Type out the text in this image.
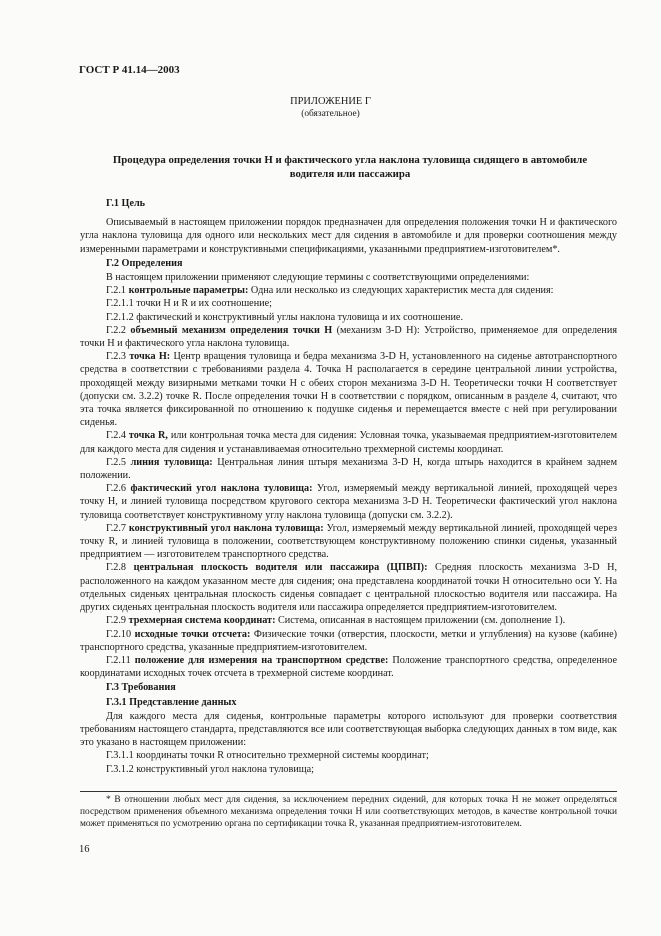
ГОСТ Р 41.14—2003
ПРИЛОЖЕНИЕ Г
(обязательное)
Процедура определения точки H и фактического угла наклона туловища сидящего в автомобиле водителя или пассажира

Г.1 Цель

Описываемый в настоящем приложении порядок предназначен для определения положения точки H и фактического угла наклона туловища для одного или нескольких мест для сидения в автомобиле и для проверки соотношения между измеренными параметрами и конструктивными спецификациями, указанными предприятием-изготовителем*.

Г.2 Определения

В настоящем приложении применяют следующие термины с соответствующими определениями:

Г.2.1 контрольные параметры: Одна или несколько из следующих характеристик места для сидения:

Г.2.1.1 точки H и R и их соотношение;

Г.2.1.2 фактический и конструктивный углы наклона туловища и их соотношение.

Г.2.2 объемный механизм определения точки H (механизм 3-D H): Устройство, применяемое для определения точки H и фактического угла наклона туловища.

Г.2.3 точка H: Центр вращения туловища и бедра механизма 3-D H, установленного на сиденье автотранспортного средства в соответствии с требованиями раздела 4. Точка H располагается в середине центральной линии устройства, проходящей между визирными метками точки H с обеих сторон механизма 3-D H. Теоретически точки H соответствует (допуски см. 3.2.2) точке R. После определения точки H в соответствии с порядком, описанным в разделе 4, считают, что эта точка является фиксированной по отношению к подушке сиденья и перемещается вместе с ней при регулировании сиденья.

Г.2.4 точка R, или контрольная точка места для сидения: Условная точка, указываемая предприятием-изготовителем для каждого места для сидения и устанавливаемая относительно трехмерной системы координат.

Г.2.5 линия туловища: Центральная линия штыря механизма 3-D H, когда штырь находится в крайнем заднем положении.

Г.2.6 фактический угол наклона туловища: Угол, измеряемый между вертикальной линией, проходящей через точку H, и линией туловища посредством кругового сектора механизма 3-D H. Теоретически фактический угол наклона туловища соответствует конструктивному углу наклона туловища (допуски см. 3.2.2).

Г.2.7 конструктивный угол наклона туловища: Угол, измеряемый между вертикальной линией, проходящей через точку R, и линией туловища в положении, соответствующем конструктивному положению спинки сиденья, указанный предприятием — изготовителем транспортного средства.

Г.2.8 центральная плоскость водителя или пассажира (ЦПВП): Средняя плоскость механизма 3-D H, расположенного на каждом указанном месте для сидения; она представлена координатой точки H относительно оси Y. На отдельных сиденьях центральная плоскость сиденья совпадает с центральной плоскостью водителя или пассажира. На других сиденьях центральная плоскость водителя или пассажира определяется предприятием-изготовителем.

Г.2.9 трехмерная система координат: Система, описанная в настоящем приложении (см. дополнение 1).

Г.2.10 исходные точки отсчета: Физические точки (отверстия, плоскости, метки и углубления) на кузове (кабине) транспортного средства, указанные предприятием-изготовителем.

Г.2.11 положение для измерения на транспортном средстве: Положение транспортного средства, определенное координатами исходных точек отсчета в трехмерной системе координат.

Г.3 Требования

Г.3.1 Представление данных

Для каждого места для сиденья, контрольные параметры которого используют для проверки соответствия требованиям настоящего стандарта, представляются все или соответствующая выборка следующих данных в том виде, как это указано в настоящем приложении:

Г.3.1.1 координаты точки R относительно трехмерной системы координат;

Г.3.1.2 конструктивный угол наклона туловища;

* В отношении любых мест для сидения, за исключением передних сидений, для которых точка H не может определяться посредством применения объемного механизма определения точки H или соответствующих методов, в качестве контрольной точки может применяться по усмотрению органа по сертификации точка R, указанная предприятием-изготовителем.

16
